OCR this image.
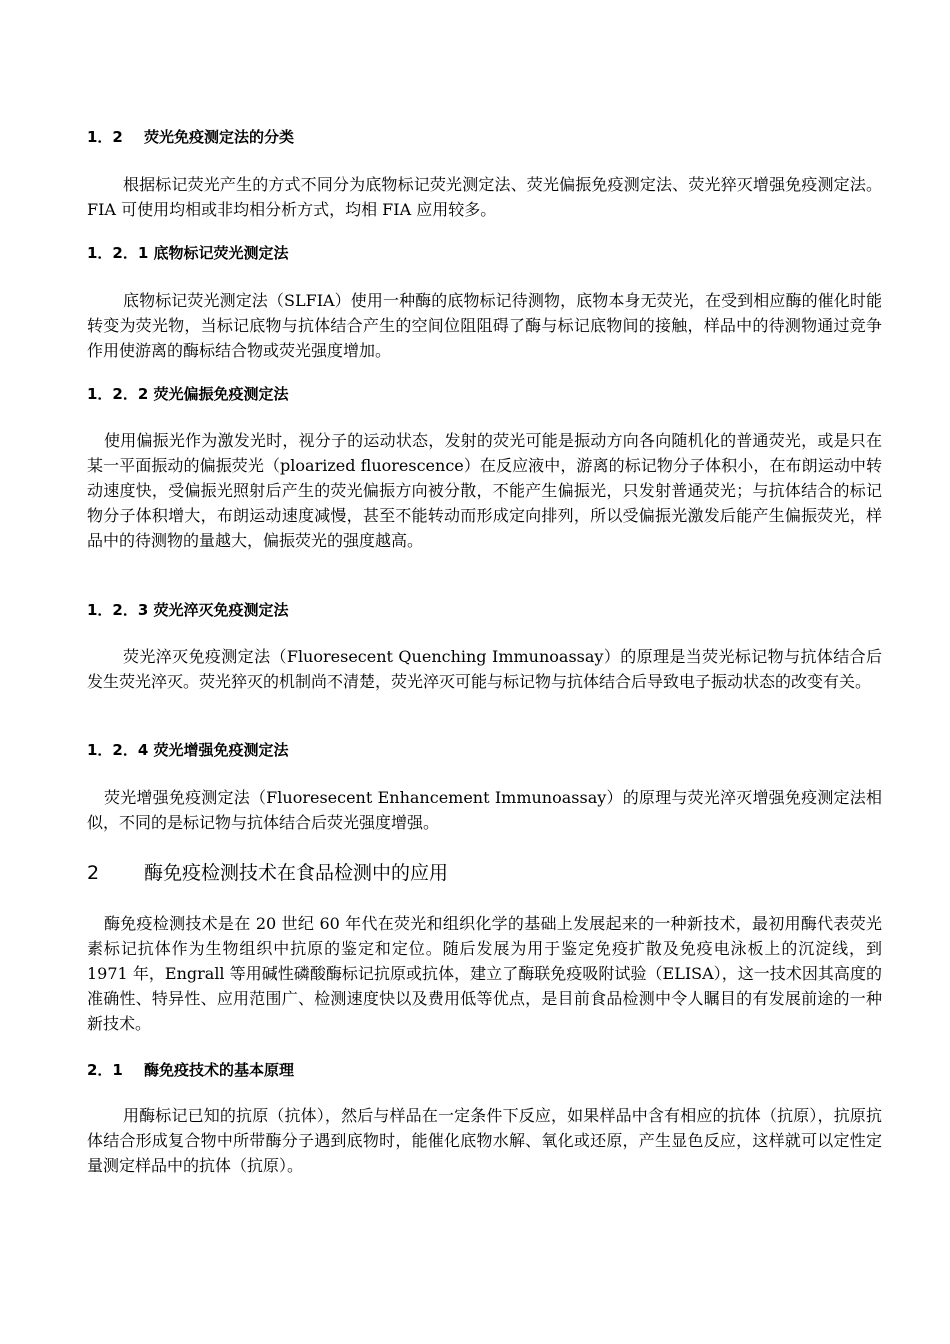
1．2 荧光免疫测定法的分类
根据标记荧光产生的方式不同分为底物标记荧光测定法、荧光偏振免疫测定法、荧光猝灭增强免疫测定法。FIA 可使用均相或非均相分析方式，均相 FIA 应用较多。
1．2．1 底物标记荧光测定法
底物标记荧光测定法（SLFIA）使用一种酶的底物标记待测物，底物本身无荧光，在受到相应酶的催化时能转变为荧光物，当标记底物与抗体结合产生的空间位阻阻碍了酶与标记底物间的接触，样品中的待测物通过竞争作用使游离的酶标结合物或荧光强度增加。
1．2．2 荧光偏振免疫测定法
使用偏振光作为激发光时，视分子的运动状态，发射的荧光可能是振动方向各向随机化的普通荧光，或是只在某一平面振动的偏振荧光（ploarized fluorescence）在反应液中，游离的标记物分子体积小，在布朗运动中转动速度快，受偏振光照射后产生的荧光偏振方向被分散，不能产生偏振光，只发射普通荧光；与抗体结合的标记物分子体积增大，布朗运动速度减慢，甚至不能转动而形成定向排列，所以受偏振光激发后能产生偏振荧光，样品中的待测物的量越大，偏振荧光的强度越高。
1．2．3 荧光淬灭免疫测定法
荧光淬灭免疫测定法（Fluoresecent Quenching Immunoassay）的原理是当荧光标记物与抗体结合后发生荧光淬灭。荧光猝灭的机制尚不清楚，荧光淬灭可能与标记物与抗体结合后导致电子振动状态的改变有关。
1．2．4 荧光增强免疫测定法
荧光增强免疫测定法（Fluoresecent Enhancement Immunoassay）的原理与荧光淬灭增强免疫测定法相似，不同的是标记物与抗体结合后荧光强度增强。
2 酶免疫检测技术在食品检测中的应用
酶免疫检测技术是在 20 世纪 60 年代在荧光和组织化学的基础上发展起来的一种新技术，最初用酶代表荧光素标记抗体作为生物组织中抗原的鉴定和定位。随后发展为用于鉴定免疫扩散及免疫电泳板上的沉淀线，到 1971 年，Engrall 等用碱性磷酸酶标记抗原或抗体，建立了酶联免疫吸附试验（ELISA），这一技术因其高度的准确性、特异性、应用范围广、检测速度快以及费用低等优点，是目前食品检测中令人瞩目的有发展前途的一种新技术。
2．1 酶免疫技术的基本原理
用酶标记已知的抗原（抗体），然后与样品在一定条件下反应，如果样品中含有相应的抗体（抗原），抗原抗体结合形成复合物中所带酶分子遇到底物时，能催化底物水解、氧化或还原，产生显色反应，这样就可以定性定量测定样品中的抗体（抗原）。
